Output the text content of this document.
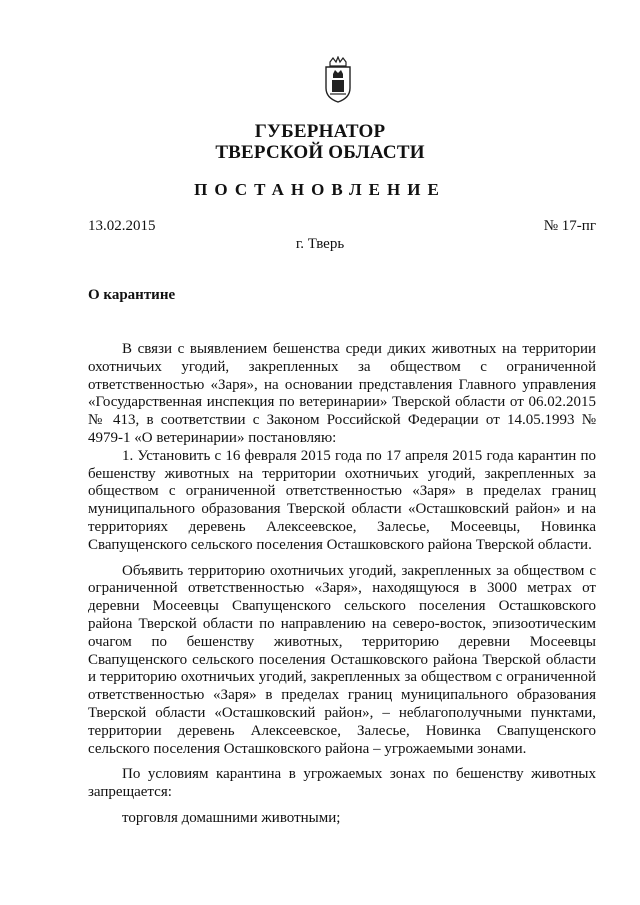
ГУБЕРНАТОР
ТВЕРСКОЙ ОБЛАСТИ
ПОСТАНОВЛЕНИЕ
13.02.2015	№ 17-пг
г. Тверь
О карантине

В связи с выявлением бешенства среди диких животных на территории охотничьих угодий, закрепленных за обществом с ограниченной ответственностью «Заря», на основании представления Главного управления «Государственная инспекция по ветеринарии» Тверской области от 06.02.2015 № 413, в соответствии с Законом Российской Федерации от 14.05.1993 № 4979-1 «О ветеринарии» постановляю:

1. Установить с 16 февраля 2015 года по 17 апреля 2015 года карантин по бешенству животных на территории охотничьих угодий, закрепленных за обществом с ограниченной ответственностью «Заря» в пределах границ муниципального образования Тверской области «Осташковский район» и на территориях деревень Алексеевское, Залесье, Мосеевцы, Новинка Свапущенского сельского поселения Осташковского района Тверской области.

Объявить территорию охотничьих угодий, закрепленных за обществом с ограниченной ответственностью «Заря», находящуюся в 3000 метрах от деревни Мосеевцы Свапущенского сельского поселения Осташковского района Тверской области по направлению на северо-восток, эпизоотическим очагом по бешенству животных, территорию деревни Мосеевцы Свапущенского сельского поселения Осташковского района Тверской области и территорию охотничьих угодий, закрепленных за обществом с ограниченной ответственностью «Заря» в пределах границ муниципального образования Тверской области «Осташковский район», – неблагополучными пунктами, территории деревень Алексеевское, Залесье, Новинка Свапущенского сельского поселения Осташковского района – угрожаемыми зонами.

По условиям карантина в угрожаемых зонах по бешенству животных запрещается:

торговля домашними животными;
